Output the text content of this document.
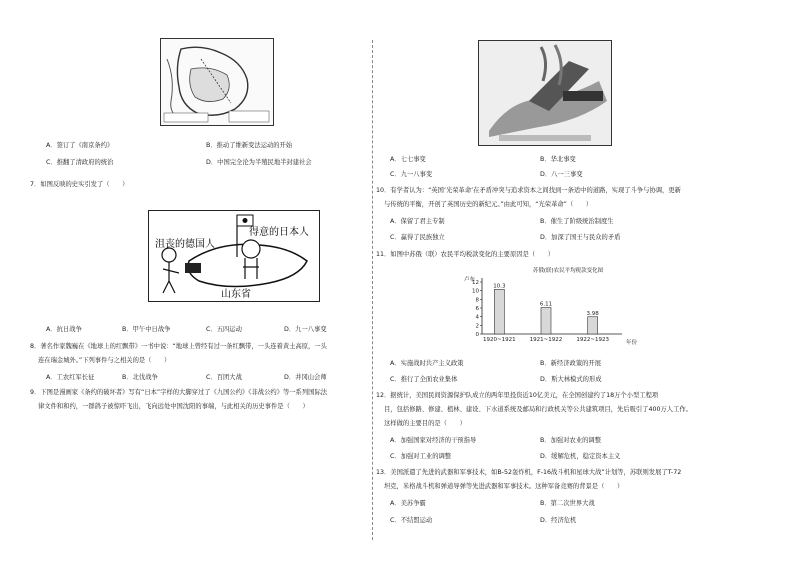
A．签订了《南京条约》	B．推动了维新变法运动的开始
C．推翻了清政府的统治	D．中国完全沦为半殖民地半封建社会
7．如图反映的史实引发了（　　）
沮丧的德国人
得意的日本人
山东省
A．抗日战争	B．甲午中日战争	C．五四运动	D．九一八事变
8．著名作家魏巍在《地球上的红飘带》一书中说：“地球上曾经有过一条红飘带，一头连着黄土高原，一头
连在瑞金城外。”下列事件与之相关的是（　　）
A．工农红军长征	B．北伐战争	C．百团大战	D．井冈山会师
9．下图是漫画家《条约的破坏者》写有“日本”字样的大脚穿过了《九国公约》《非战公约》等一系列国际法
律文件和和约，一群鸽子被惊吓飞出，飞向远处中国沈阳的事端，与此相关的历史事件是（　　）
A．七七事变	B．华北事变
C．九一八事变	D．八一三事变
10．有学者认为：“英国‘光荣革命’在矛盾冲突与追求资本之间找到一条适中的道路，实现了斗争与协调，更新
与传统的平衡，开创了英国历史的新纪元。”由此可知，“光荣革命”（　　）
A．保留了君主专制	B．催生了阶级统治制度生
C．赢得了民族独立	D．加深了国王与民众的矛盾
11．如图中苏俄（联）农民平均税款变化的主要原因是（　　）
苏俄(联)农民平均税款变化图
卢布
年份
0
2
4
6
8
10
12
1920~1921	1921~1922	1922~1923
10.3
6.11
3.98
A．实施战时共产主义政策	B．新经济政策的开展
C．推行了全面农业集体	D．斯大林模式的形成
12．据统计，美国民间资源保护队成立的两年里投资近10亿美元，在全国创建约了18万个小型工程项
目，包括修路、修建、植林、建设、下水道系统及邮局和行政机关等公共建筑项目，先后吸引了400万人工作。
这样做的主要目的是（　　）
A．加强国家对经济的干预指导	B．加强对农业的调整
C．加强对工业的调整	D．缓解危机，稳定资本主义
13．美国派遣了先进的武器和军事技术，如B-52轰炸机，F-16战斗机和星球大战”计划等，苏联则发展了T-72
坦克，米格战斗机和弹道导弹等先进武器和军事技术。这种军备竞赛的背景是（　　）
A．美苏争霸	B．第二次世界大战
C．不结盟运动	D．经济危机
